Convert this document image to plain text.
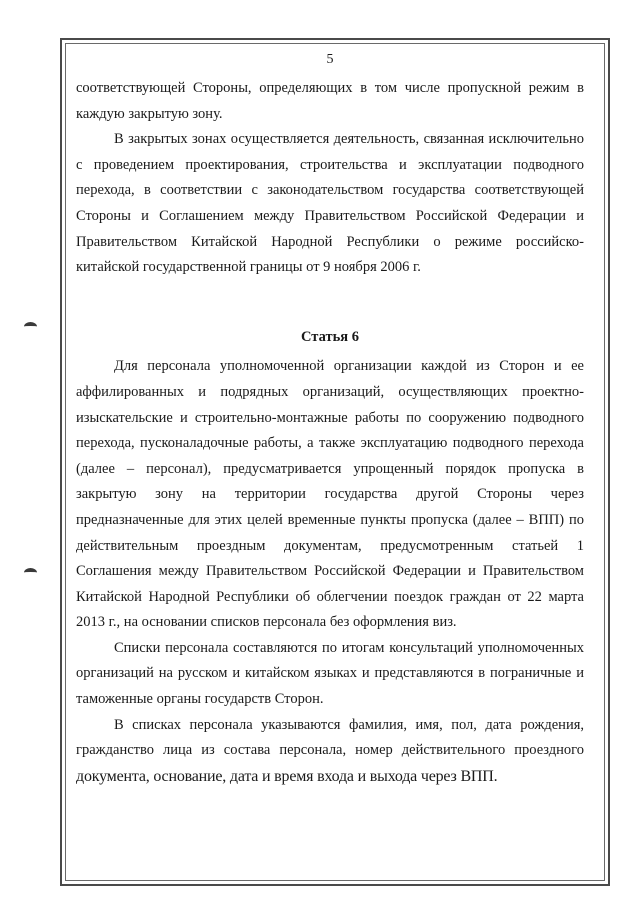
5

соответствующей Стороны, определяющих в том числе пропускной режим в каждую закрытую зону.

В закрытых зонах осуществляется деятельность, связанная исключительно с проведением проектирования, строительства и эксплуатации подводного перехода, в соответствии с законодательством государства соответствующей Стороны и Соглашением между Правительством Российской Федерации и Правительством Китайской Народной Республики о режиме российско-китайской государственной границы от 9 ноября 2006 г.

Статья 6

Для персонала уполномоченной организации каждой из Сторон и ее аффилированных и подрядных организаций, осуществляющих проектно-изыскательские и строительно-монтажные работы по сооружению подводного перехода, пусконаладочные работы, а также эксплуатацию подводного перехода (далее – персонал), предусматривается упрощенный порядок пропуска в закрытую зону на территории государства другой Стороны через предназначенные для этих целей временные пункты пропуска (далее – ВПП) по действительным проездным документам, предусмотренным статьей 1 Соглашения между Правительством Российской Федерации и Правительством Китайской Народной Республики об облегчении поездок граждан от 22 марта 2013 г., на основании списков персонала без оформления виз.

Списки персонала составляются по итогам консультаций уполномоченных организаций на русском и китайском языках и представляются в пограничные и таможенные органы государств Сторон.

В списках персонала указываются фамилия, имя, пол, дата рождения, гражданство лица из состава персонала, номер действительного проездного документа, основание, дата и время входа и выхода через ВПП.
